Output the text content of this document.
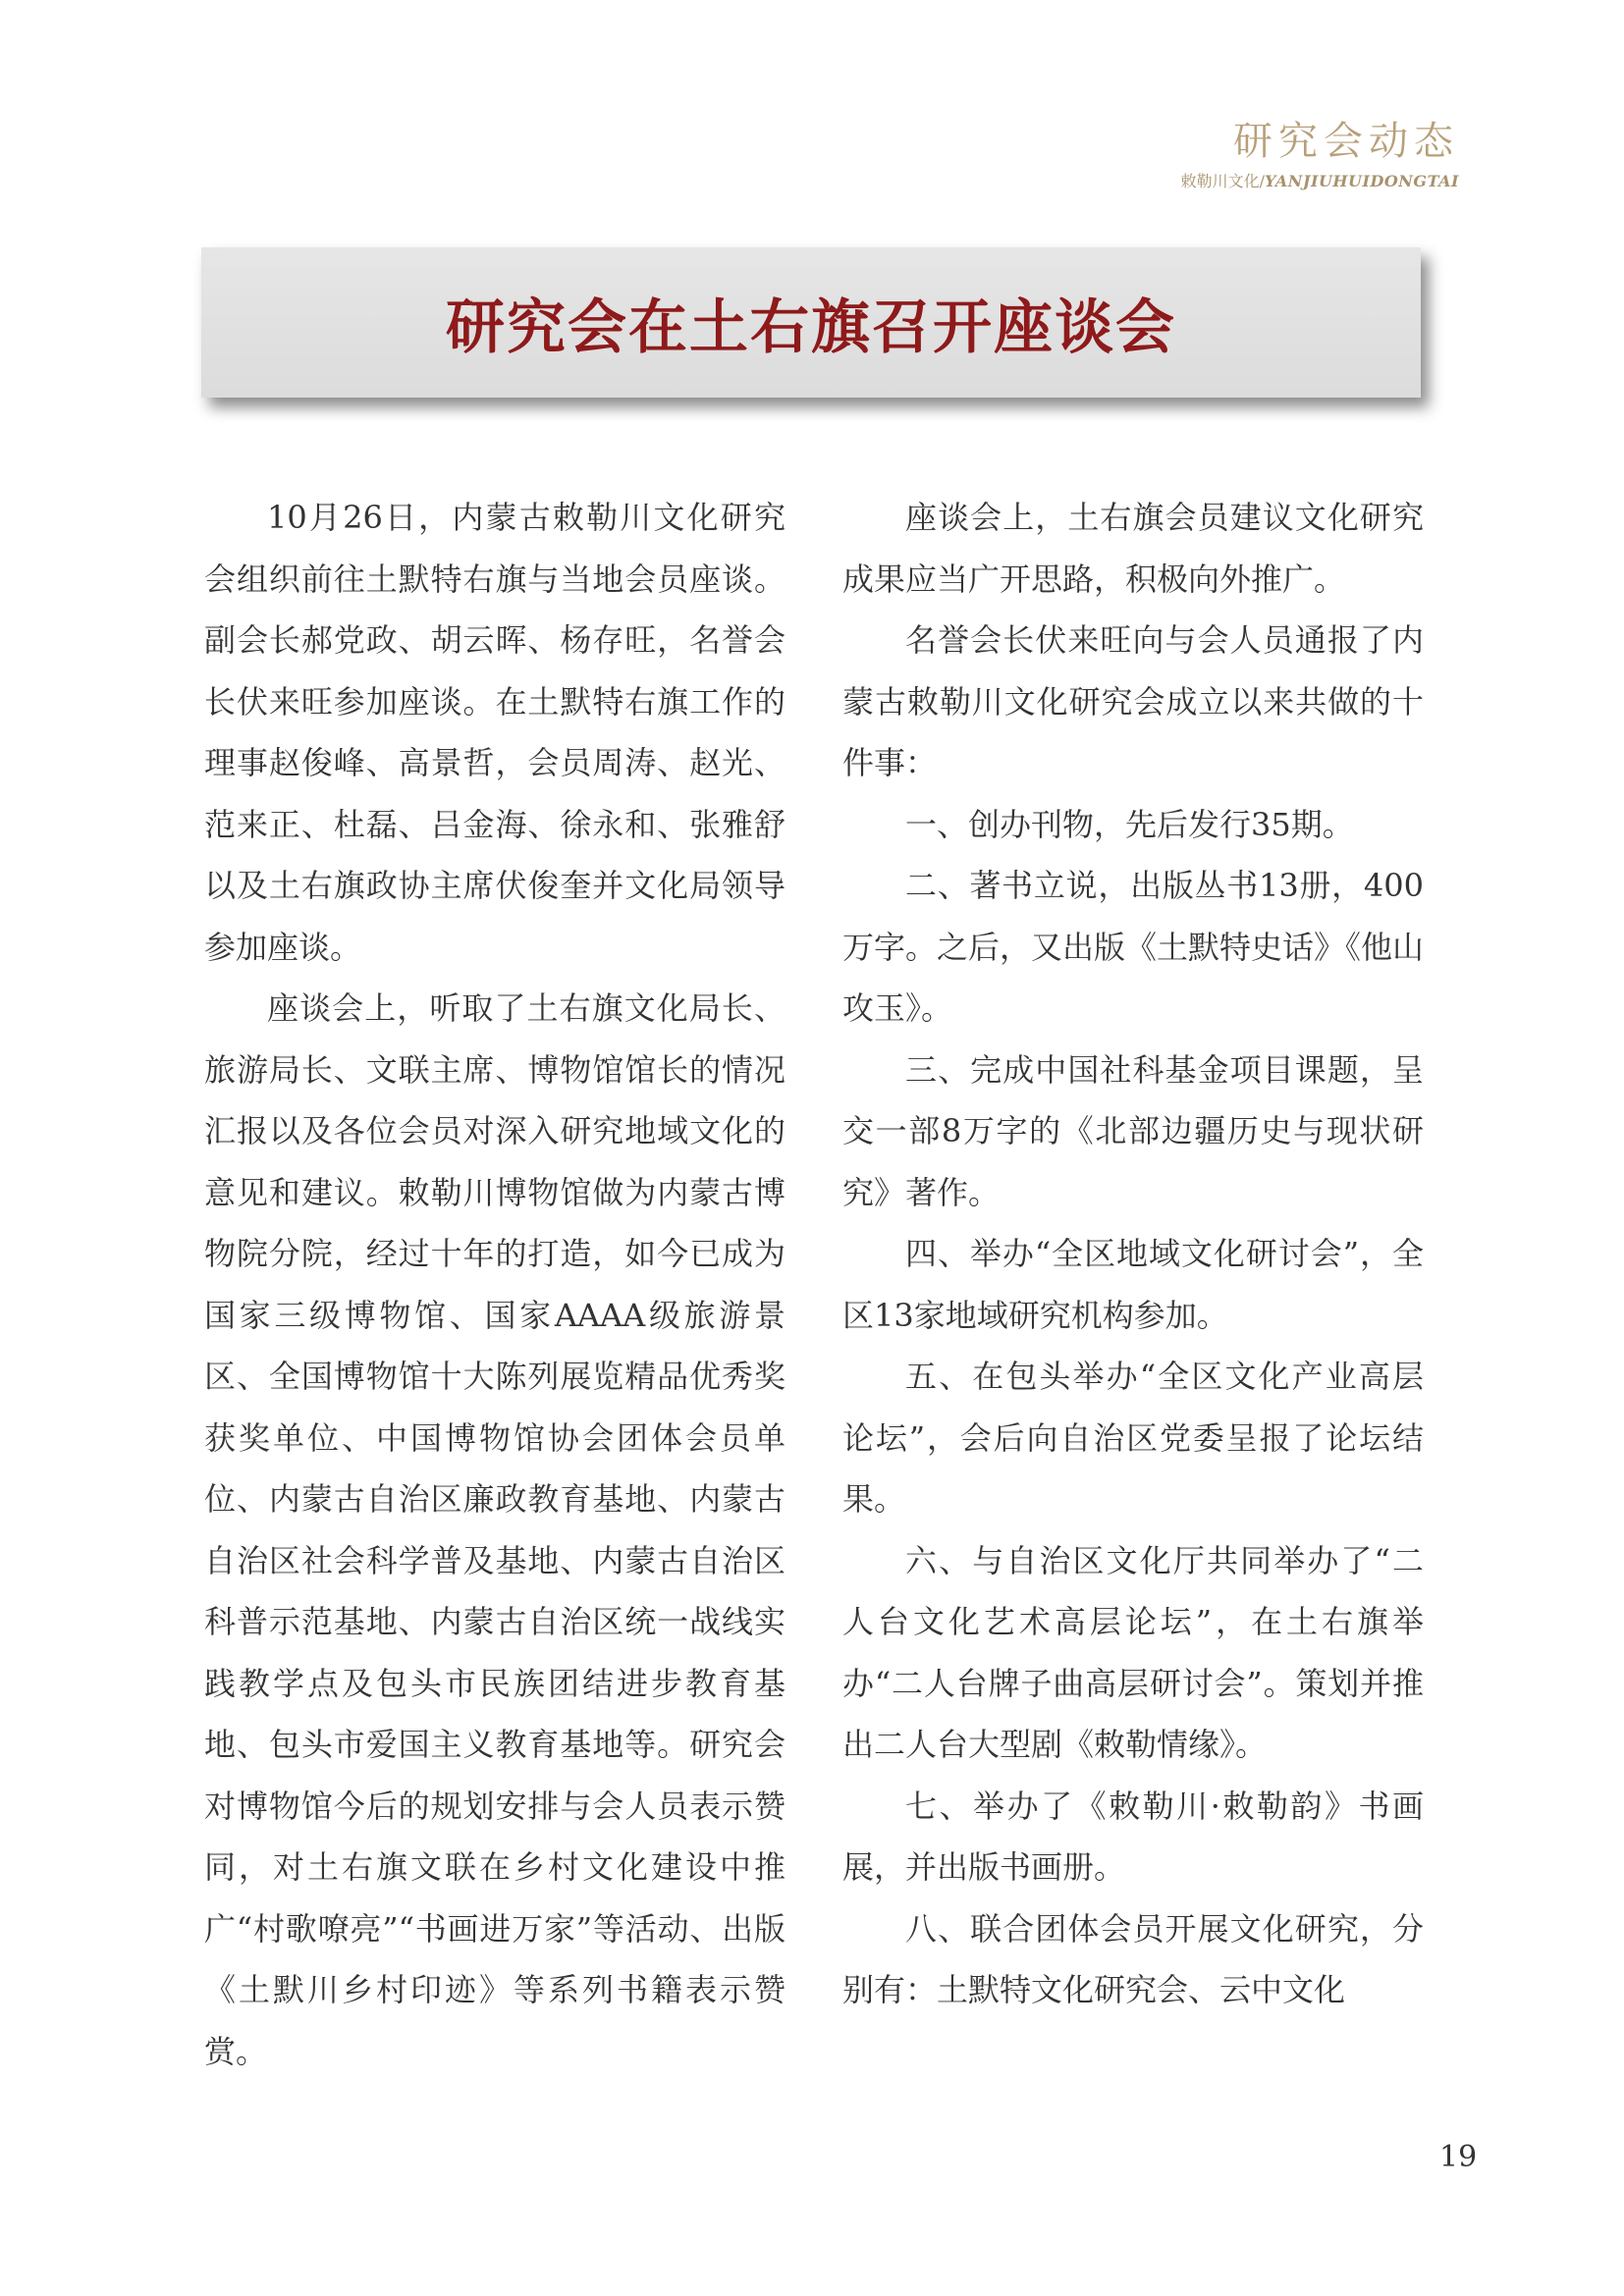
研究会动态
敕勒川文化/YANJIUHUIDONGTAI
研究会在土右旗召开座谈会

10月26日，内蒙古敕勒川文化研究会组织前往土默特右旗与当地会员座谈。副会长郝党政、胡云晖、杨存旺，名誉会长伏来旺参加座谈。在土默特右旗工作的理事赵俊峰、高景哲，会员周涛、赵光、范来正、杜磊、吕金海、徐永和、张雅舒以及土右旗政协主席伏俊奎并文化局领导参加座谈。

座谈会上，听取了土右旗文化局长、旅游局长、文联主席、博物馆馆长的情况汇报以及各位会员对深入研究地域文化的意见和建议。敕勒川博物馆做为内蒙古博物院分院，经过十年的打造，如今已成为国家三级博物馆、国家AAAA级旅游景区、全国博物馆十大陈列展览精品优秀奖获奖单位、中国博物馆协会团体会员单位、内蒙古自治区廉政教育基地、内蒙古自治区社会科学普及基地、内蒙古自治区科普示范基地、内蒙古自治区统一战线实践教学点及包头市民族团结进步教育基地、包头市爱国主义教育基地等。研究会对博物馆今后的规划安排与会人员表示赞同，对土右旗文联在乡村文化建设中推广“村歌嘹亮”“书画进万家”等活动、出版《土默川乡村印迹》等系列书籍表示赞赏。

座谈会上，土右旗会员建议文化研究成果应当广开思路，积极向外推广。

名誉会长伏来旺向与会人员通报了内蒙古敕勒川文化研究会成立以来共做的十件事：

一、创办刊物，先后发行35期。

二、著书立说，出版丛书13册，400万字。之后，又出版《土默特史话》《他山攻玉》。

三、完成中国社科基金项目课题，呈交一部8万字的《北部边疆历史与现状研究》著作。

四、举办“全区地域文化研讨会”，全区13家地域研究机构参加。

五、在包头举办“全区文化产业高层论坛”，会后向自治区党委呈报了论坛结果。

六、与自治区文化厅共同举办了“二人台文化艺术高层论坛”，在土右旗举办“二人台牌子曲高层研讨会”。策划并推出二人台大型剧《敕勒情缘》。

七、举办了《敕勒川·敕勒韵》书画展，并出版书画册。

八、联合团体会员开展文化研究，分别有：土默特文化研究会、云中文化

19
